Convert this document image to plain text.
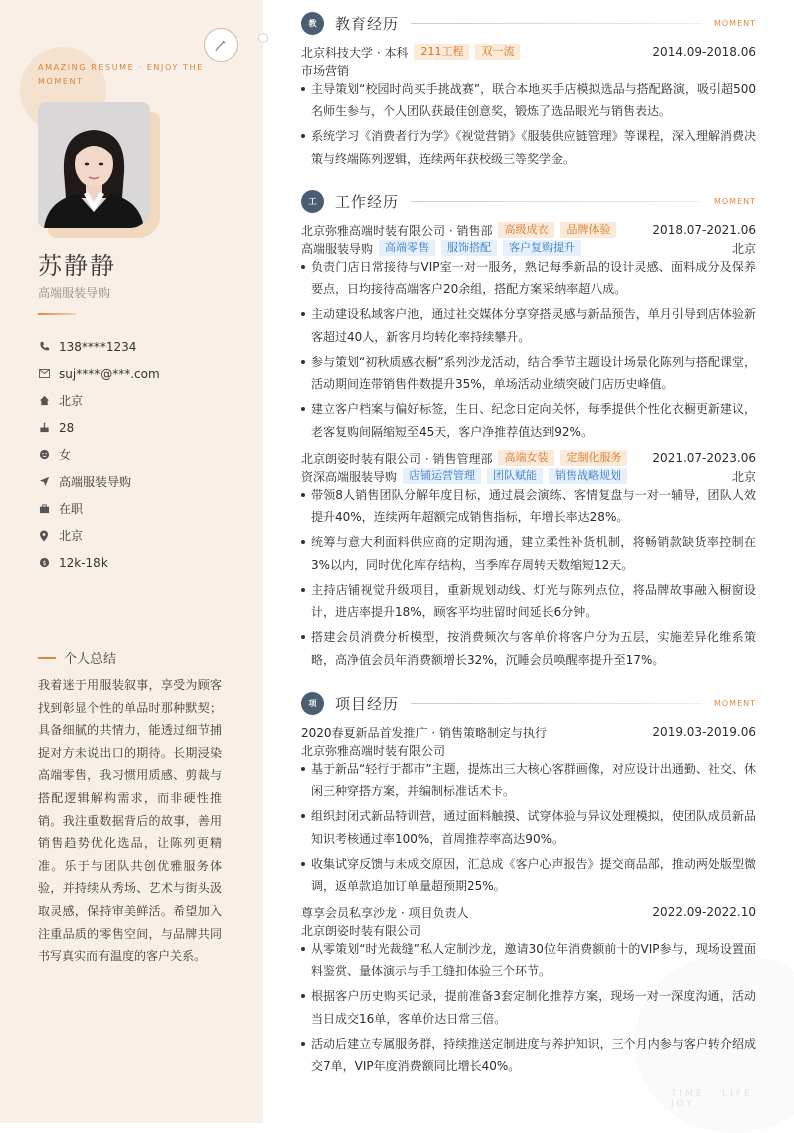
AMAZING RESUME · ENJOY THE MOMENT
苏静静
高端服装导购
138****1234
suj****@***.com
北京
28
女
高端服装导购
在职
北京
$ 12k-18k
个人总结
我着迷于用服装叙事，享受为顾客找到彰显个性的单品时那种默契；具备细腻的共情力，能透过细节捕捉对方未说出口的期待。长期浸染高端零售，我习惯用质感、剪裁与搭配逻辑解构需求，而非硬性推销。我注重数据背后的故事，善用销售趋势优化选品，让陈列更精准。乐于与团队共创优雅服务体验，并持续从秀场、艺术与街头汲取灵感，保持审美鲜活。希望加入注重品质的零售空间，与品牌共同书写真实而有温度的客户关系。
TIME · LIFE · JOY
教	教育经历	MOMENT
北京科技大学 · 本科	211工程	双一流	2014.09-2018.06
市场营销
主导策划“校园时尚买手挑战赛”，联合本地买手店模拟选品与搭配路演，吸引超500名师生参与，个人团队获最佳创意奖，锻炼了选品眼光与销售表达。
系统学习《消费者行为学》《视觉营销》《服装供应链管理》等课程，深入理解消费决策与终端陈列逻辑，连续两年获校级三等奖学金。
工	工作经历	MOMENT
北京弥雅高端时装有限公司 · 销售部	高级成衣	品牌体验	2018.07-2021.06
高端服装导购	高端零售	服饰搭配	客户复购提升	北京
负责门店日常接待与VIP室一对一服务，熟记每季新品的设计灵感、面料成分及保养要点，日均接待高端客户20余组，搭配方案采纳率超八成。
主动建设私域客户池，通过社交媒体分享穿搭灵感与新品预告，单月引导到店体验新客超过40人，新客月均转化率持续攀升。
参与策划“初秋质感衣橱”系列沙龙活动，结合季节主题设计场景化陈列与搭配课堂，活动期间连带销售件数提升35%，单场活动业绩突破门店历史峰值。
建立客户档案与偏好标签，生日、纪念日定向关怀，每季提供个性化衣橱更新建议，老客复购间隔缩短至45天，客户净推荐值达到92%。
北京朗姿时装有限公司 · 销售管理部	高端女装	定制化服务	2021.07-2023.06
资深高端服装导购	店铺运营管理	团队赋能	销售战略规划	北京
带领8人销售团队分解年度目标，通过晨会演练、客情复盘与一对一辅导，团队人效提升40%，连续两年超额完成销售指标，年增长率达28%。
统筹与意大利面料供应商的定期沟通，建立柔性补货机制，将畅销款缺货率控制在3%以内，同时优化库存结构，当季库存周转天数缩短12天。
主持店铺视觉升级项目，重新规划动线、灯光与陈列点位，将品牌故事融入橱窗设计，进店率提升18%，顾客平均驻留时间延长6分钟。
搭建会员消费分析模型，按消费频次与客单价将客户分为五层，实施差异化维系策略，高净值会员年消费额增长32%，沉睡会员唤醒率提升至17%。
项	项目经历	MOMENT
2020春夏新品首发推广 · 销售策略制定与执行	2019.03-2019.06
北京弥雅高端时装有限公司
基于新品“轻行于都市”主题，提炼出三大核心客群画像，对应设计出通勤、社交、休闲三种穿搭方案，并编制标准话术卡。
组织封闭式新品特训营，通过面料触摸、试穿体验与异议处理模拟，使团队成员新品知识考核通过率100%，首周推荐率高达90%。
收集试穿反馈与未成交原因，汇总成《客户心声报告》提交商品部，推动两处版型微调，返单款追加订单量超预期25%。
尊享会员私享沙龙 · 项目负责人	2022.09-2022.10
北京朗姿时装有限公司
从零策划“时光裁缝”私人定制沙龙，邀请30位年消费额前十的VIP参与，现场设置面料鉴赏、量体演示与手工缝扣体验三个环节。
根据客户历史购买记录，提前准备3套定制化推荐方案，现场一对一深度沟通，活动当日成交16单，客单价达日常三倍。
活动后建立专属服务群，持续推送定制进度与养护知识，三个月内参与客户转介绍成交7单，VIP年度消费额同比增长40%。
